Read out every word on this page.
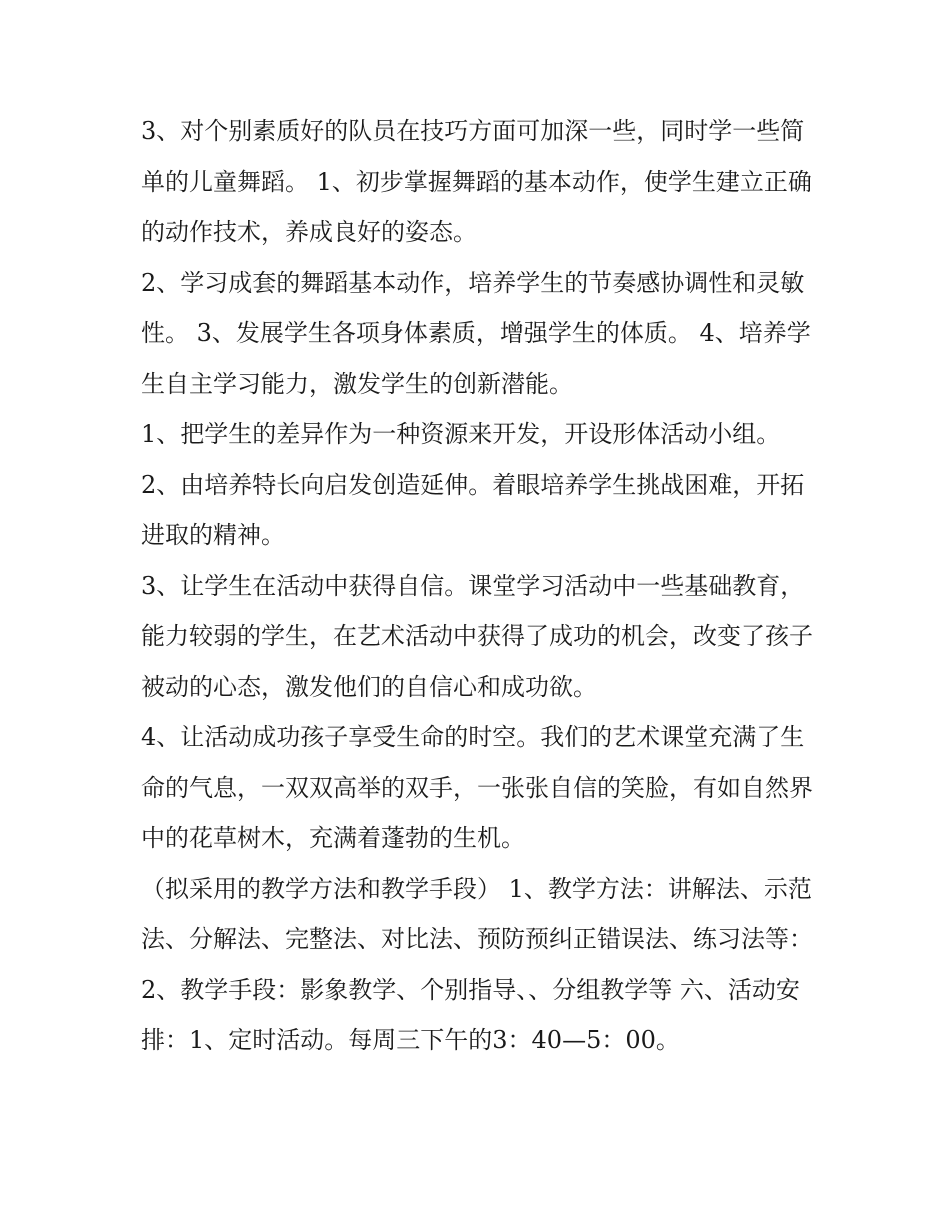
3、对个别素质好的队员在技巧方面可加深一些，同时学一些简单的儿童舞蹈。 1、初步掌握舞蹈的基本动作，使学生建立正确的动作技术，养成良好的姿态。

2、学习成套的舞蹈基本动作，培养学生的节奏感协调性和灵敏性。 3、发展学生各项身体素质，增强学生的体质。 4、培养学生自主学习能力，激发学生的创新潜能。

1、把学生的差异作为一种资源来开发，开设形体活动小组。

2、由培养特长向启发创造延伸。着眼培养学生挑战困难，开拓进取的精神。

3、让学生在活动中获得自信。课堂学习活动中一些基础教育，能力较弱的学生，在艺术活动中获得了成功的机会，改变了孩子被动的心态，激发他们的自信心和成功欲。

4、让活动成功孩子享受生命的时空。我们的艺术课堂充满了生命的气息，一双双高举的双手，一张张自信的笑脸，有如自然界中的花草树木，充满着蓬勃的生机。

（拟采用的教学方法和教学手段） 1、教学方法：讲解法、示范法、分解法、完整法、对比法、预防预纠正错误法、练习法等：

2、教学手段：影象教学、个别指导、、分组教学等 六、活动安排：1、定时活动。每周三下午的3：40—5：00。
